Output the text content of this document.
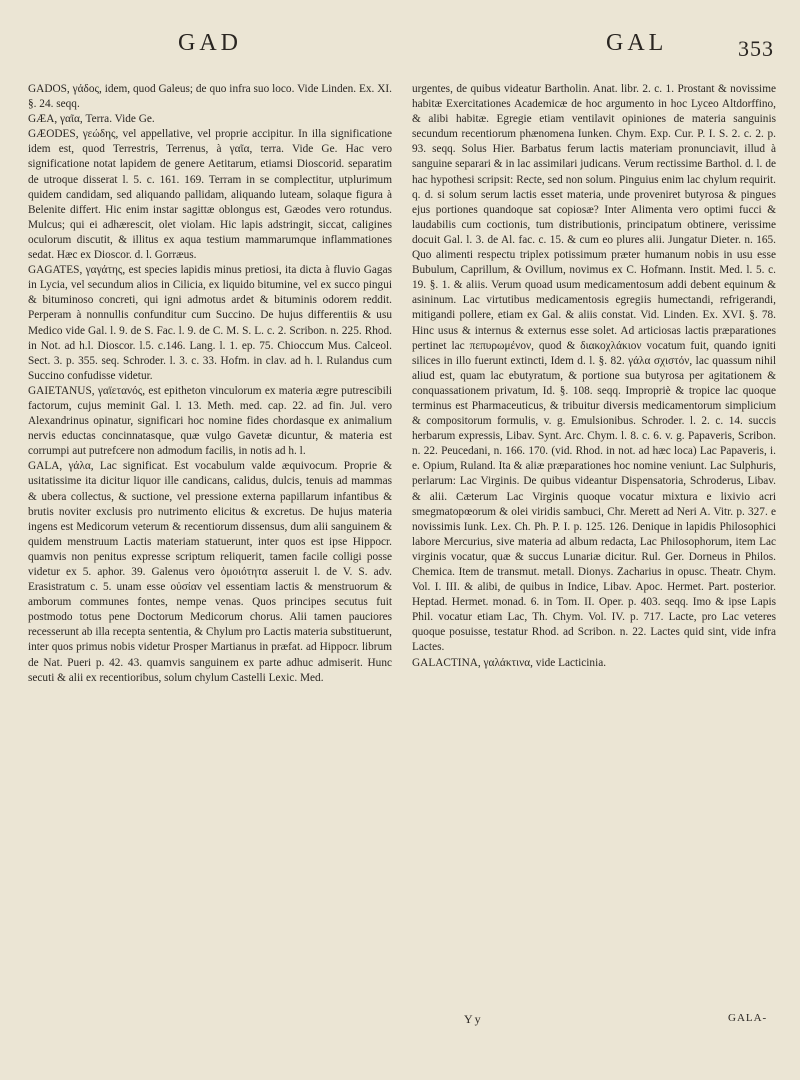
GAD	GAL	353

GADOS, γάδος, idem, quod Galeus; de quo infra suo loco. Vide Linden. Ex. XI. §. 24. seqq.

GÆA, γαῖα, Terra. Vide Ge.

GÆODES, γεώδης, vel appellative, vel proprie accipitur. In illa significatione idem est, quod Terrestris, Terrenus, à γαῖα, terra. Vide Ge. Hac vero significatione notat lapidem de genere Aetitarum, etiamsi Dioscorid. separatim de utroque disserat l. 5. c. 161. 169. Terram in se complectitur, utplurimum quidem candidam, sed aliquando pallidam, aliquando luteam, solaque figura à Belenite differt. Hic enim instar sagittæ oblongus est, Gæodes vero rotundus. Mulcus; qui ei adhærescit, olet violam. Hic lapis adstringit, siccat, caligines oculorum discutit, & illitus ex aqua testium mammarumque inflammationes sedat. Hæc ex Dioscor. d. l. Gorræus.

GAGATES, γαγάτης, est species lapidis minus pretiosi, ita dicta à fluvio Gagas in Lycia, vel secundum alios in Cilicia, ex liquido bitumine, vel ex succo pingui & bituminoso concreti, qui igni admotus ardet & bituminis odorem reddit. Perperam à nonnullis confunditur cum Succino. De hujus differentiis & usu Medico vide Gal. l. 9. de S. Fac. l. 9. de C. M. S. L. c. 2. Scribon. n. 225. Rhod. in Not. ad h.l. Dioscor. l.5. c.146. Lang. l. 1. ep. 75. Chioccum Mus. Calceol. Sect. 3. p. 355. seq. Schroder. l. 3. c. 33. Hofm. in clav. ad h. l. Rulandus cum Succino confudisse videtur.

GAIETANUS, γαϊετανός, est epitheton vinculorum ex materia ægre putrescibili factorum, cujus meminit Gal. l. 13. Meth. med. cap. 22. ad fin. Jul. vero Alexandrinus opinatur, significari hoc nomine fides chordasque ex animalium nervis eductas concinnatasque, quæ vulgo Gavetæ dicuntur, & materia est corrumpi aut putrefcere non admodum facilis, in notis ad h. l.

GALA, γάλα, Lac significat. Est vocabulum valde æquivocum. Proprie & usitatissime ita dicitur liquor ille candicans, calidus, dulcis, tenuis ad mammas & ubera collectus, & suctione, vel pressione externa papillarum infantibus & brutis noviter exclusis pro nutrimento elicitus & excretus. De hujus materia ingens est Medicorum veterum & recentiorum dissensus, dum alii sanguinem & quidem menstruum Lactis materiam statuerunt, inter quos est ipse Hippocr. quamvis non penitus expresse scriptum reliquerit, tamen facile colligi posse videtur ex 5. aphor. 39. Galenus vero ὁμοιότητα asseruit l. de V. S. adv. Erasistratum c. 5. unam esse οὐσίαν vel essentiam lactis & menstruorum & amborum communes fontes, nempe venas. Quos principes secutus fuit postmodo totus pene Doctorum Medicorum chorus. Alii tamen pauciores recesserunt ab illa recepta sententia, & Chylum pro Lactis materia substituerunt, inter quos primus nobis videtur Prosper Martianus in præfat. ad Hippocr. librum de Nat. Pueri p. 42. 43. quamvis sanguinem ex parte adhuc admiserit. Hunc secuti & alii ex recentioribus, solum chylum Castelli Lexic. Med.

urgentes, de quibus videatur Bartholin. Anat. libr. 2. c. 1. Prostant & novissime habitæ Exercitationes Academicæ de hoc argumento in hoc Lyceo Altdorffino, & alibi habitæ. Egregie etiam ventilavit opiniones de materia sanguinis secundum recentiorum phænomena Iunken. Chym. Exp. Cur. P. I. S. 2. c. 2. p. 93. seqq. Solus Hier. Barbatus ferum lactis materiam pronunciavit, illud à sanguine separari & in lac assimilari judicans. Verum rectissime Barthol. d. l. de hac hypothesi scripsit: Recte, sed non solum. Pinguius enim lac chylum requirit. q. d. si solum serum lactis esset materia, unde proveniret butyrosa & pingues ejus portiones quandoque sat copiosæ? Inter Alimenta vero optimi fucci & laudabilis cum coctionis, tum distributionis, principatum obtinere, verissime docuit Gal. l. 3. de Al. fac. c. 15. & cum eo plures alii. Jungatur Dieter. n. 165. Quo alimenti respectu triplex potissimum præter humanum nobis in usu esse Bubulum, Caprillum, & Ovillum, novimus ex C. Hofmann. Instit. Med. l. 5. c. 19. §. 1. & aliis. Verum quoad usum medicamentosum addi debent equinum & asininum. Lac virtutibus medicamentosis egregiis humectandi, refrigerandi, mitigandi pollere, etiam ex Gal. & aliis constat. Vid. Linden. Ex. XVI. §. 78. Hinc usus & internus & externus esse solet. Ad articiosas lactis præparationes pertinet lac πεπυρωμένον, quod & διακοχλάκιον vocatum fuit, quando igniti silices in illo fuerunt extincti, Idem d. l. §. 82. γάλα σχιστόν, lac quassum nihil aliud est, quam lac ebutyratum, & portione sua butyrosa per agitationem & conquassationem privatum, Id. §. 108. seqq. Impropriè & tropice lac quoque terminus est Pharmaceuticus, & tribuitur diversis medicamentorum simplicium & compositorum formulis, v. g. Emulsionibus. Schroder. l. 2. c. 14. succis herbarum expressis, Libav. Synt. Arc. Chym. l. 8. c. 6. v. g. Papaveris, Scribon. n. 22. Peucedani, n. 166. 170. (vid. Rhod. in not. ad hæc loca) Lac Papaveris, i. e. Opium, Ruland. Ita & aliæ præparationes hoc nomine veniunt. Lac Sulphuris, perlarum: Lac Virginis. De quibus videantur Dispensatoria, Schroderus, Libav. & alii. Cæterum Lac Virginis quoque vocatur mixtura e lixivio acri smegmatopœorum & olei viridis sambuci, Chr. Merett ad Neri A. Vitr. p. 327. e novissimis Iunk. Lex. Ch. Ph. P. I. p. 125. 126. Denique in lapidis Philosophici labore Mercurius, sive materia ad album redacta, Lac Philosophorum, item Lac virginis vocatur, quæ & succus Lunariæ dicitur. Rul. Ger. Dorneus in Philos. Chemica. Item de transmut. metall. Dionys. Zacharius in opusc. Theatr. Chym. Vol. I. III. & alibi, de quibus in Indice, Libav. Apoc. Hermet. Part. posterior. Heptad. Hermet. monad. 6. in Tom. II. Oper. p. 403. seqq. Imo & ipse Lapis Phil. vocatur etiam Lac, Th. Chym. Vol. IV. p. 717. Lacte, pro Lac veteres quoque posuisse, testatur Rhod. ad Scribon. n. 22. Lactes quid sint, vide infra Lactes.

GALACTINA, γαλάκτινα, vide Lacticinia.

Yy	GALA-
